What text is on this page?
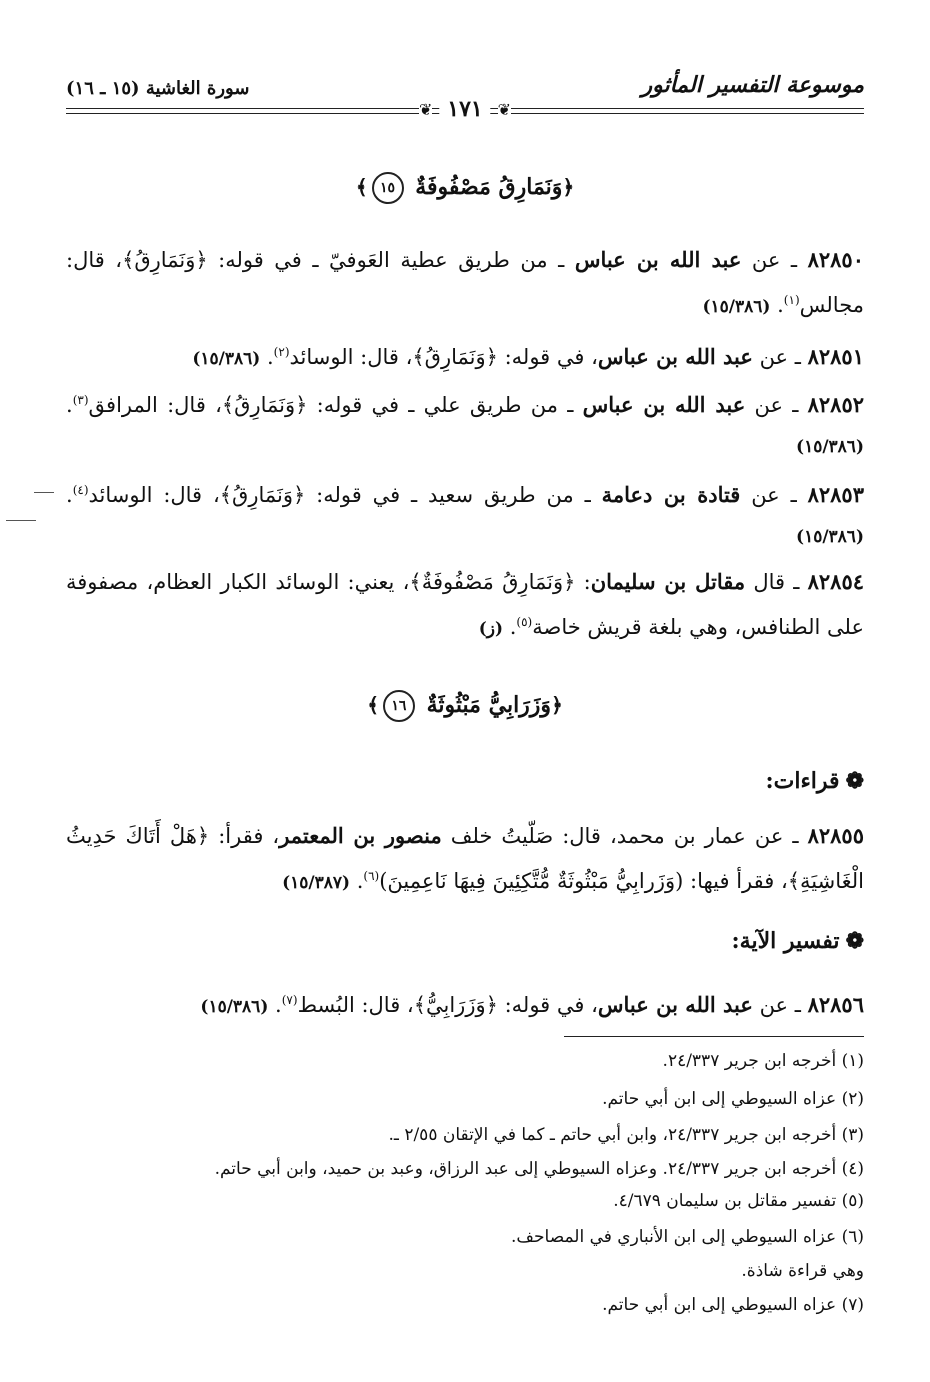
موسوعة التفسير المأثور
سورة الغاشية (١٥ ـ ١٦)
❦
١٧١
❦
﴿وَنَمَارِقُ مَصْفُوفَةٌ ١٥﴾
٨٢٨٥٠ ـ عن عبد الله بن عباس ـ من طريق عطية العَوفيّ ـ في قوله: ﴿وَنَمَارِقُ﴾، قال: مجالس$^{(١)}$. (١٥/٣٨٦)
٨٢٨٥١ ـ عن عبد الله بن عباس، في قوله: ﴿وَنَمَارِقُ﴾، قال: الوسائد$^{(٢)}$. (١٥/٣٨٦)
٨٢٨٥٢ ـ عن عبد الله بن عباس ـ من طريق علي ـ في قوله: ﴿وَنَمَارِقُ﴾، قال: المرافق$^{(٣)}$. (١٥/٣٨٦)
٨٢٨٥٣ ـ عن قتادة بن دعامة ـ من طريق سعيد ـ في قوله: ﴿وَنَمَارِقُ﴾، قال: الوسائد$^{(٤)}$. (١٥/٣٨٦)
٨٢٨٥٤ ـ قال مقاتل بن سليمان: ﴿وَنَمَارِقُ مَصْفُوفَةٌ﴾، يعني: الوسائد الكبار العظام، مصفوفة على الطنافس، وهي بلغة قريش خاصة$^{(٥)}$. (ز)
﴿وَزَرَابِيُّ مَبْثُوثَةٌ ١٦﴾
❁قراءات:
٨٢٨٥٥ ـ عن عمار بن محمد، قال: صَلّيتُ خلف منصور بن المعتمر، فقرأ: ﴿هَلْ أَتَاكَ حَدِيثُ الْغَاشِيَةِ﴾، فقرأ فيها: (وَزَرابِيُّ مَبْثُوثَةٌ مُّتَّكِئِينَ فِيهَا نَاعِمِينَ)$^{(٦)}$. (١٥/٣٨٧)
❁تفسير الآية:
٨٢٨٥٦ ـ عن عبد الله بن عباس، في قوله: ﴿وَزَرَابِيُّ﴾، قال: البُسط$^{(٧)}$. (١٥/٣٨٦)
(١) أخرجه ابن جرير ٢٤/٣٣٧.
(٢) عزاه السيوطي إلى ابن أبي حاتم.
(٣) أخرجه ابن جرير ٢٤/٣٣٧، وابن أبي حاتم ـ كما في الإتقان ٢/٥٥ ـ.
(٤) أخرجه ابن جرير ٢٤/٣٣٧. وعزاه السيوطي إلى عبد الرزاق، وعبد بن حميد، وابن أبي حاتم.
(٥) تفسير مقاتل بن سليمان ٤/٦٧٩.
(٦) عزاه السيوطي إلى ابن الأنباري في المصاحف.
وهي قراءة شاذة.
(٧) عزاه السيوطي إلى ابن أبي حاتم.
